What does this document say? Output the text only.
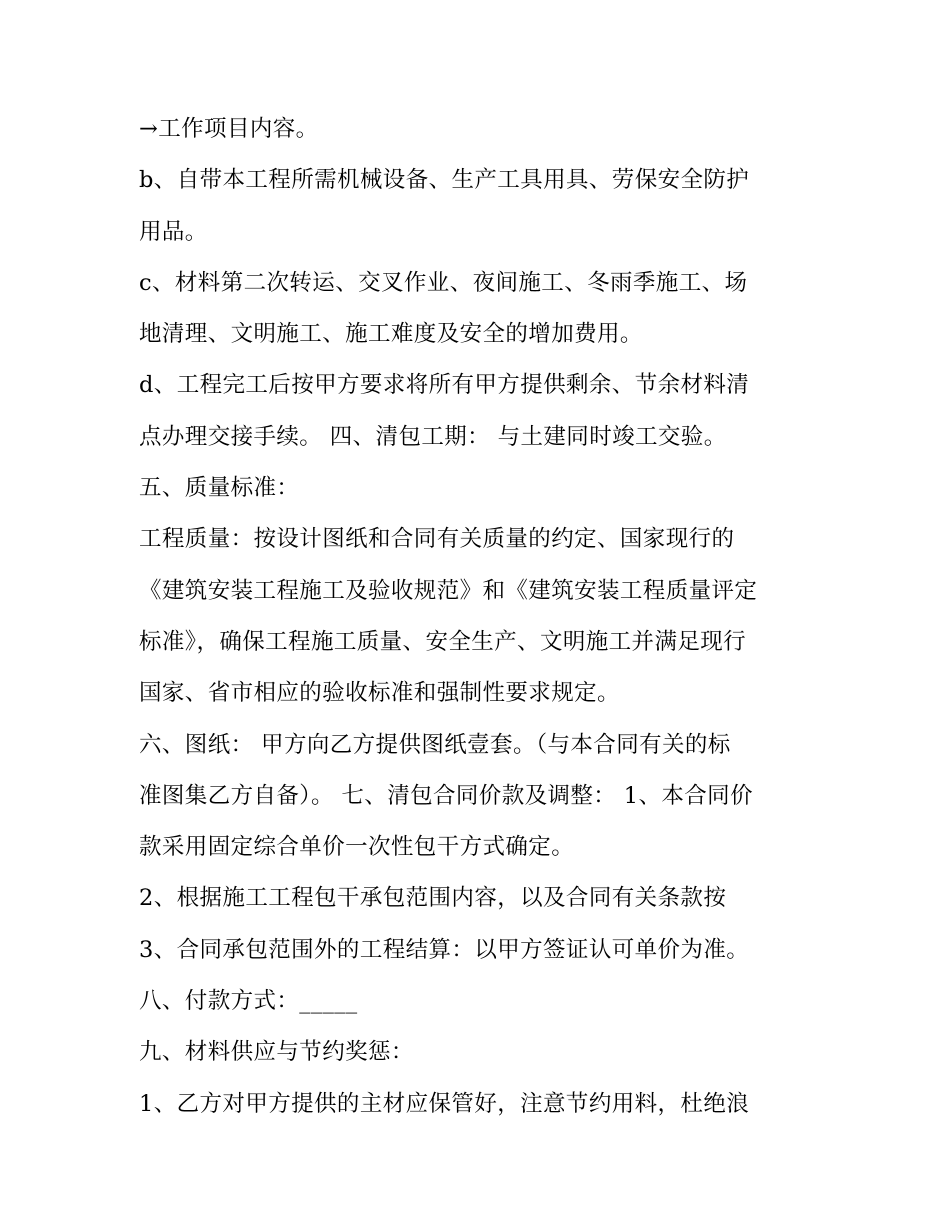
→工作项目内容。
b、自带本工程所需机械设备、生产工具用具、劳保安全防护
用品。
c、材料第二次转运、交叉作业、夜间施工、冬雨季施工、场
地清理、文明施工、施工难度及安全的增加费用。
d、工程完工后按甲方要求将所有甲方提供剩余、节余材料清
点办理交接手续。 四、清包工期： 与土建同时竣工交验。
五、质量标准：
工程质量：按设计图纸和合同有关质量的约定、国家现行的
《建筑安装工程施工及验收规范》和《建筑安装工程质量评定
标准》，确保工程施工质量、安全生产、文明施工并满足现行
国家、省市相应的验收标准和强制性要求规定。
六、图纸： 甲方向乙方提供图纸壹套。（与本合同有关的标
准图集乙方自备）。 七、清包合同价款及调整： 1、本合同价
款采用固定综合单价一次性包干方式确定。
2、根据施工工程包干承包范围内容，以及合同有关条款按
3、合同承包范围外的工程结算：以甲方签证认可单价为准。
八、付款方式：_____
九、材料供应与节约奖惩：
1、乙方对甲方提供的主材应保管好，注意节约用料，杜绝浪
